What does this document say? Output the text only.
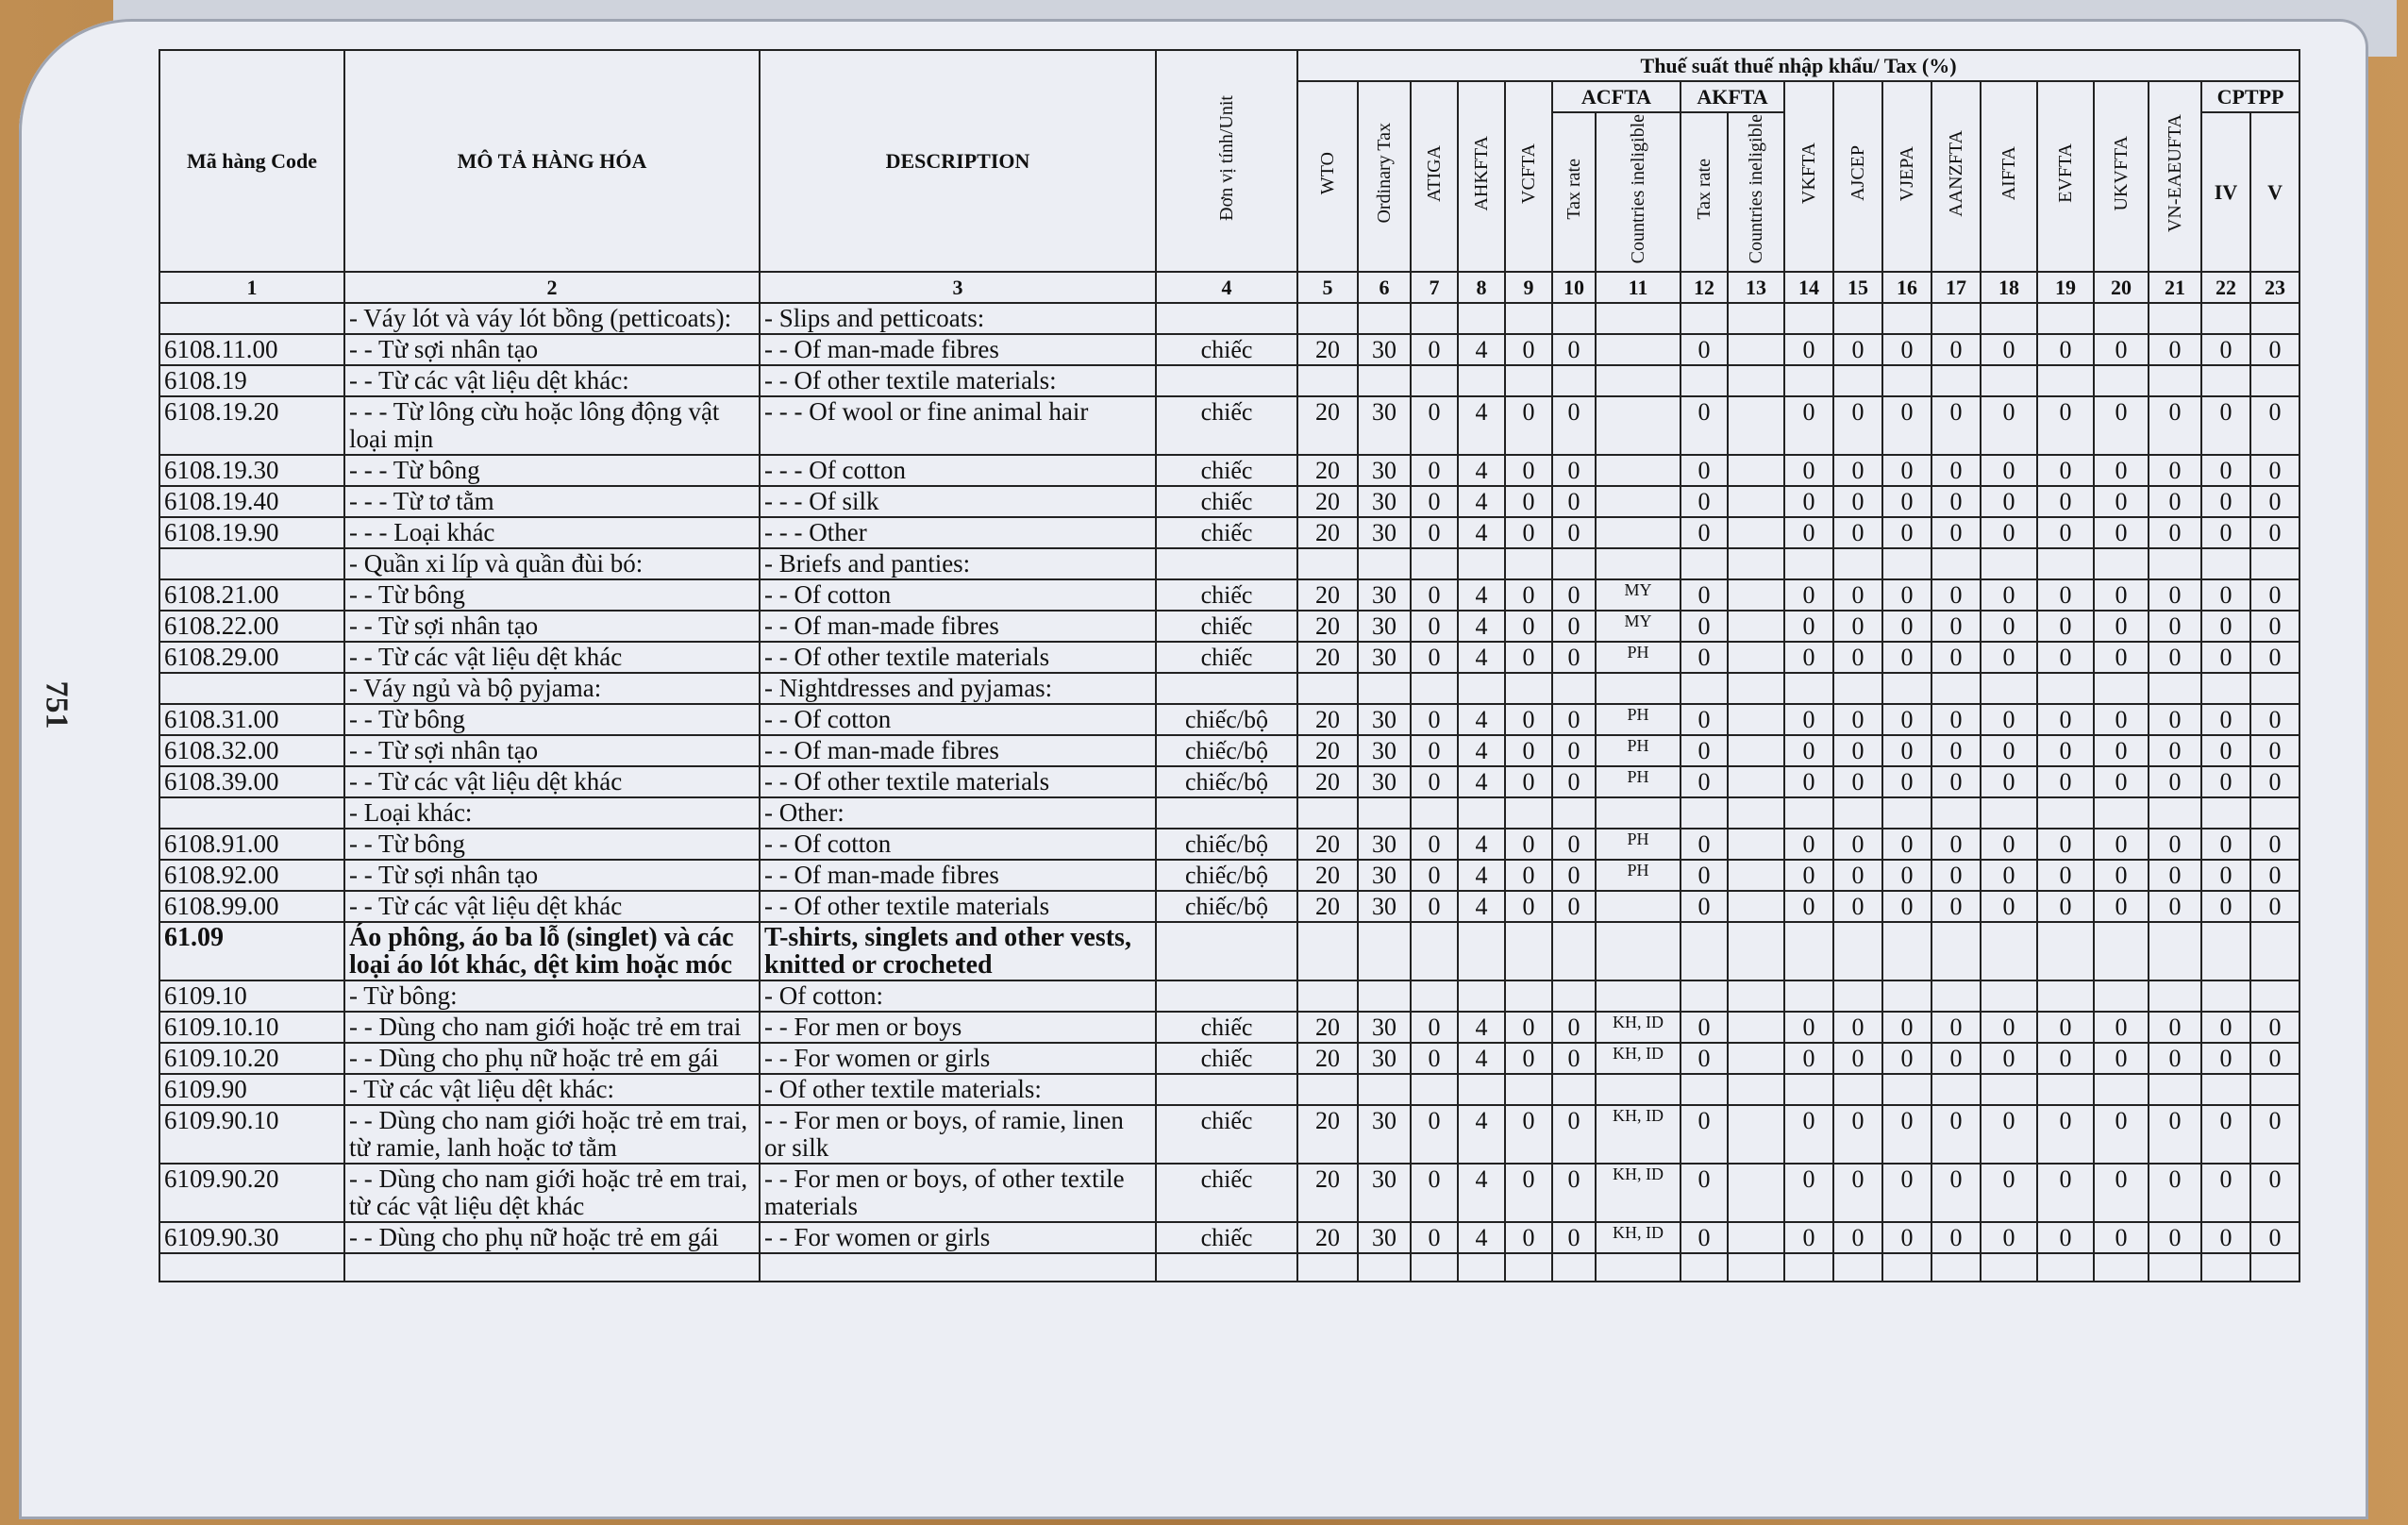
751
Mã hàng Code	MÔ TẢ HÀNG HÓA	DESCRIPTION	Đơn vị tính/Unit	Thuế suất thuế nhập khẩu/ Tax (%)	
				WTO	Ordinary Tax	ATIGA	AHKFTA	VCFTA	ACFTA		AKFTA		VKFTA	AJCEP	VJEPA	AANZFTA	AIFTA	EVFTA	UKVFTA	VN-EAEUFTA	CPTPP		
									Tax rate	Countries ineligible	Tax rate	Countries ineligible									IV	V	
1	2	3	4	5	6	7	8	9	10	11	12	13	14	15	16	17	18	19	20	21	22	23	
	- Váy lót và váy lót bồng (petticoats):	- Slips and petticoats:																					
6108.11.00	- - Từ sợi nhân tạo	- - Of man-made fibres	chiếc	20	30	0	4	0	0		0		0	0	0	0	0	0	0	0	0	0	
6108.19	- - Từ các vật liệu dệt khác:	- - Of other textile materials:																					
6108.19.20	- - - Từ lông cừu hoặc lông động vật loại mịn	- - - Of wool or fine animal hair	chiếc	20	30	0	4	0	0		0		0	0	0	0	0	0	0	0	0	0	
6108.19.30	- - - Từ bông	- - - Of cotton	chiếc	20	30	0	4	0	0		0		0	0	0	0	0	0	0	0	0	0	
6108.19.40	- - - Từ tơ tằm	- - - Of silk	chiếc	20	30	0	4	0	0		0		0	0	0	0	0	0	0	0	0	0	
6108.19.90	- - - Loại khác	- - - Other	chiếc	20	30	0	4	0	0		0		0	0	0	0	0	0	0	0	0	0	
	- Quần xi líp và quần đùi bó:	- Briefs and panties:																					
6108.21.00	- - Từ bông	- - Of cotton	chiếc	20	30	0	4	0	0	MY	0		0	0	0	0	0	0	0	0	0	0	
6108.22.00	- - Từ sợi nhân tạo	- - Of man-made fibres	chiếc	20	30	0	4	0	0	MY	0		0	0	0	0	0	0	0	0	0	0	
6108.29.00	- - Từ các vật liệu dệt khác	- - Of other textile materials	chiếc	20	30	0	4	0	0	PH	0		0	0	0	0	0	0	0	0	0	0	
	- Váy ngủ và bộ pyjama:	- Nightdresses and pyjamas:																					
6108.31.00	- - Từ bông	- - Of cotton	chiếc/bộ	20	30	0	4	0	0	PH	0		0	0	0	0	0	0	0	0	0	0	
6108.32.00	- - Từ sợi nhân tạo	- - Of man-made fibres	chiếc/bộ	20	30	0	4	0	0	PH	0		0	0	0	0	0	0	0	0	0	0	
6108.39.00	- - Từ các vật liệu dệt khác	- - Of other textile materials	chiếc/bộ	20	30	0	4	0	0	PH	0		0	0	0	0	0	0	0	0	0	0	
	- Loại khác:	- Other:																					
6108.91.00	- - Từ bông	- - Of cotton	chiếc/bộ	20	30	0	4	0	0	PH	0		0	0	0	0	0	0	0	0	0	0	
6108.92.00	- - Từ sợi nhân tạo	- - Of man-made fibres	chiếc/bộ	20	30	0	4	0	0	PH	0		0	0	0	0	0	0	0	0	0	0	
6108.99.00	- - Từ các vật liệu dệt khác	- - Of other textile materials	chiếc/bộ	20	30	0	4	0	0		0		0	0	0	0	0	0	0	0	0	0	
61.09	Áo phông, áo ba lỗ (singlet) và các loại áo lót khác, dệt kim hoặc móc	T-shirts, singlets and other vests, knitted or crocheted																					
6109.10	- Từ bông:	- Of cotton:																					
6109.10.10	- - Dùng cho nam giới hoặc trẻ em trai	- - For men or boys	chiếc	20	30	0	4	0	0	KH, ID	0		0	0	0	0	0	0	0	0	0	0	
6109.10.20	- - Dùng cho phụ nữ hoặc trẻ em gái	- - For women or girls	chiếc	20	30	0	4	0	0	KH, ID	0		0	0	0	0	0	0	0	0	0	0	
6109.90	- Từ các vật liệu dệt khác:	- Of other textile materials:																					
6109.90.10	- - Dùng cho nam giới hoặc trẻ em trai, từ ramie, lanh hoặc tơ tằm	- - For men or boys, of ramie, linen or silk	chiếc	20	30	0	4	0	0	KH, ID	0		0	0	0	0	0	0	0	0	0	0	
6109.90.20	- - Dùng cho nam giới hoặc trẻ em trai, từ các vật liệu dệt khác	- - For men or boys, of other textile materials	chiếc	20	30	0	4	0	0	KH, ID	0		0	0	0	0	0	0	0	0	0	0	
6109.90.30	- - Dùng cho phụ nữ hoặc trẻ em gái	- - For women or girls	chiếc	20	30	0	4	0	0	KH, ID	0		0	0	0	0	0	0	0	0	0	0	
